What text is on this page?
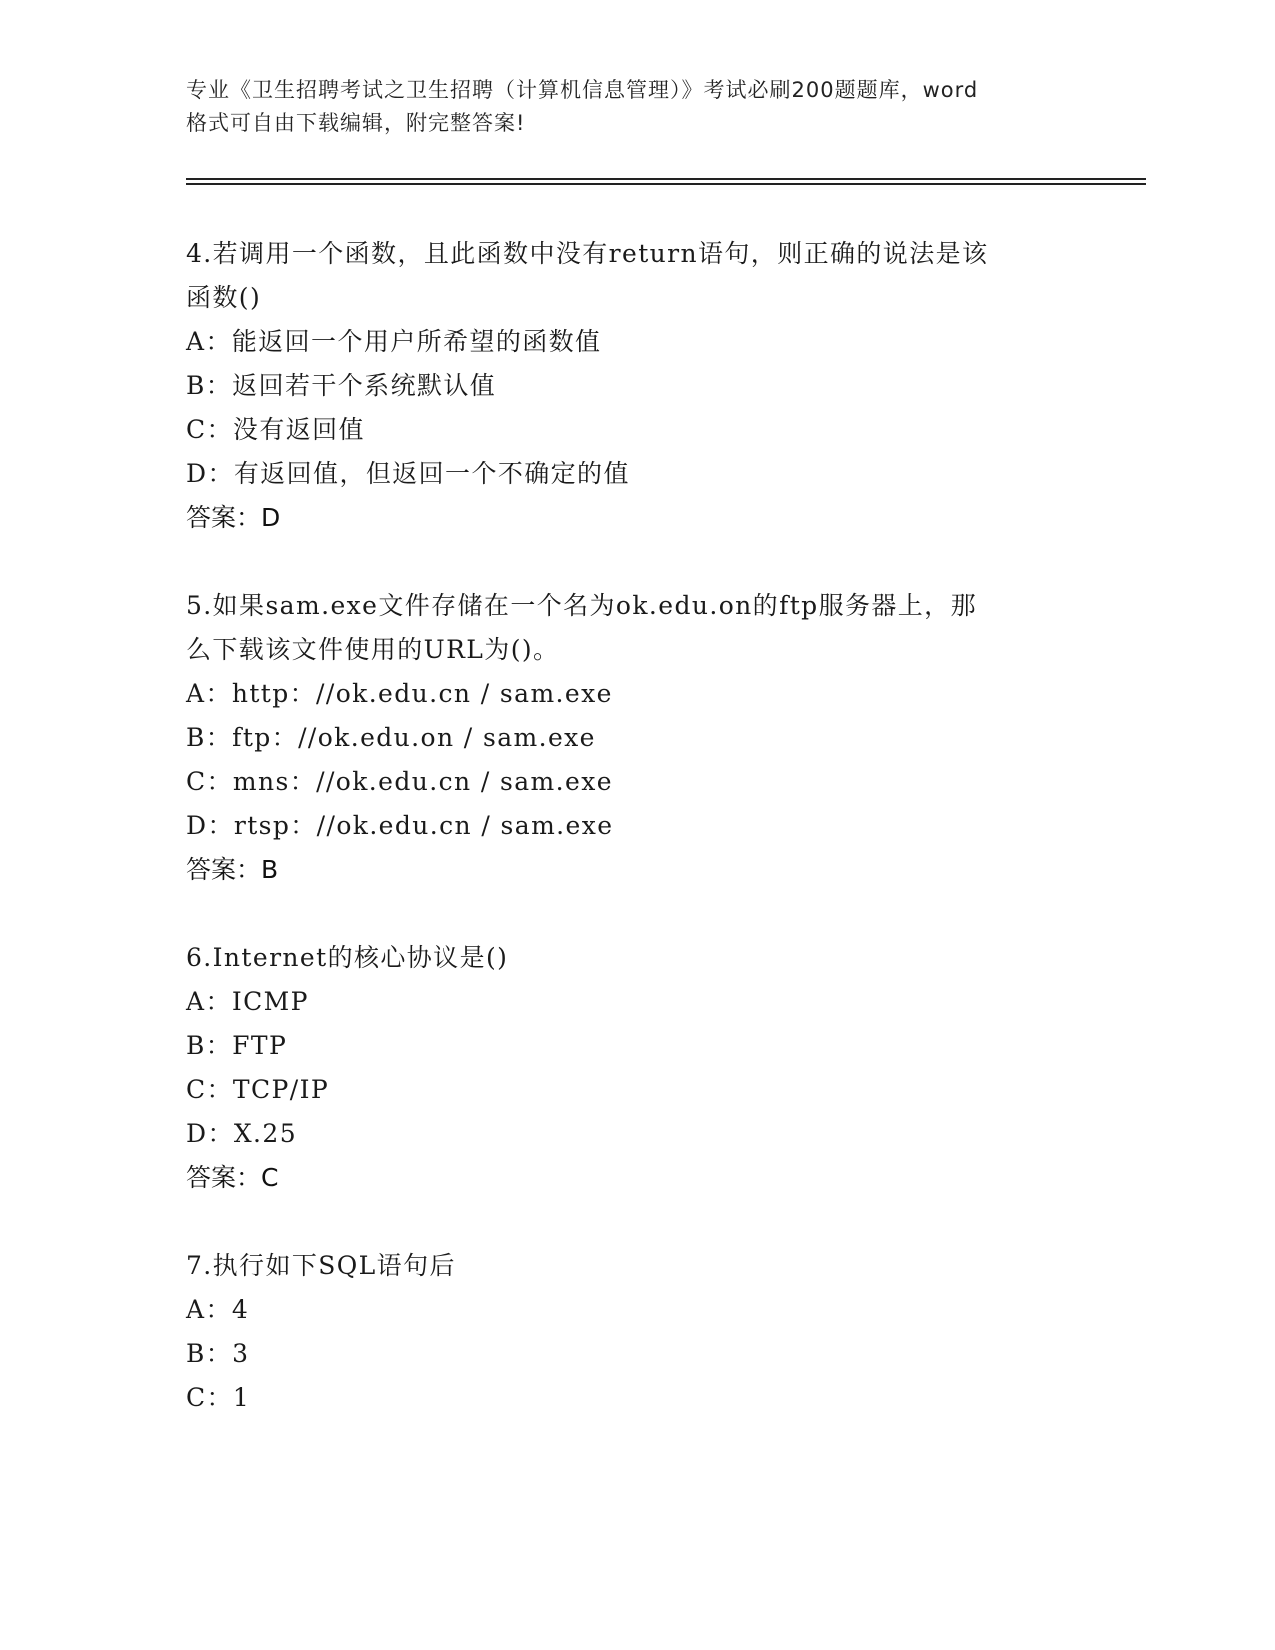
专业《卫生招聘考试之卫生招聘（计算机信息管理）》考试必刷200题题库，word
格式可自由下载编辑，附完整答案!
4.若调用一个函数，且此函数中没有return语句，则正确的说法是该
函数()
A：能返回一个用户所希望的函数值
B：返回若干个系统默认值
C：没有返回值
D：有返回值，但返回一个不确定的值
答案：D
5.如果sam.exe文件存储在一个名为ok.edu.on的ftp服务器上，那
么下载该文件使用的URL为()。
A：http：//ok.edu.cn / sam.exe
B：ftp：//ok.edu.on / sam.exe
C：mns：//ok.edu.cn / sam.exe
D：rtsp：//ok.edu.cn / sam.exe
答案：B
6.Internet的核心协议是()
A：ICMP
B：FTP
C：TCP/IP
D：X.25
答案：C
7.执行如下SQL语句后
A：4
B：3
C：1
